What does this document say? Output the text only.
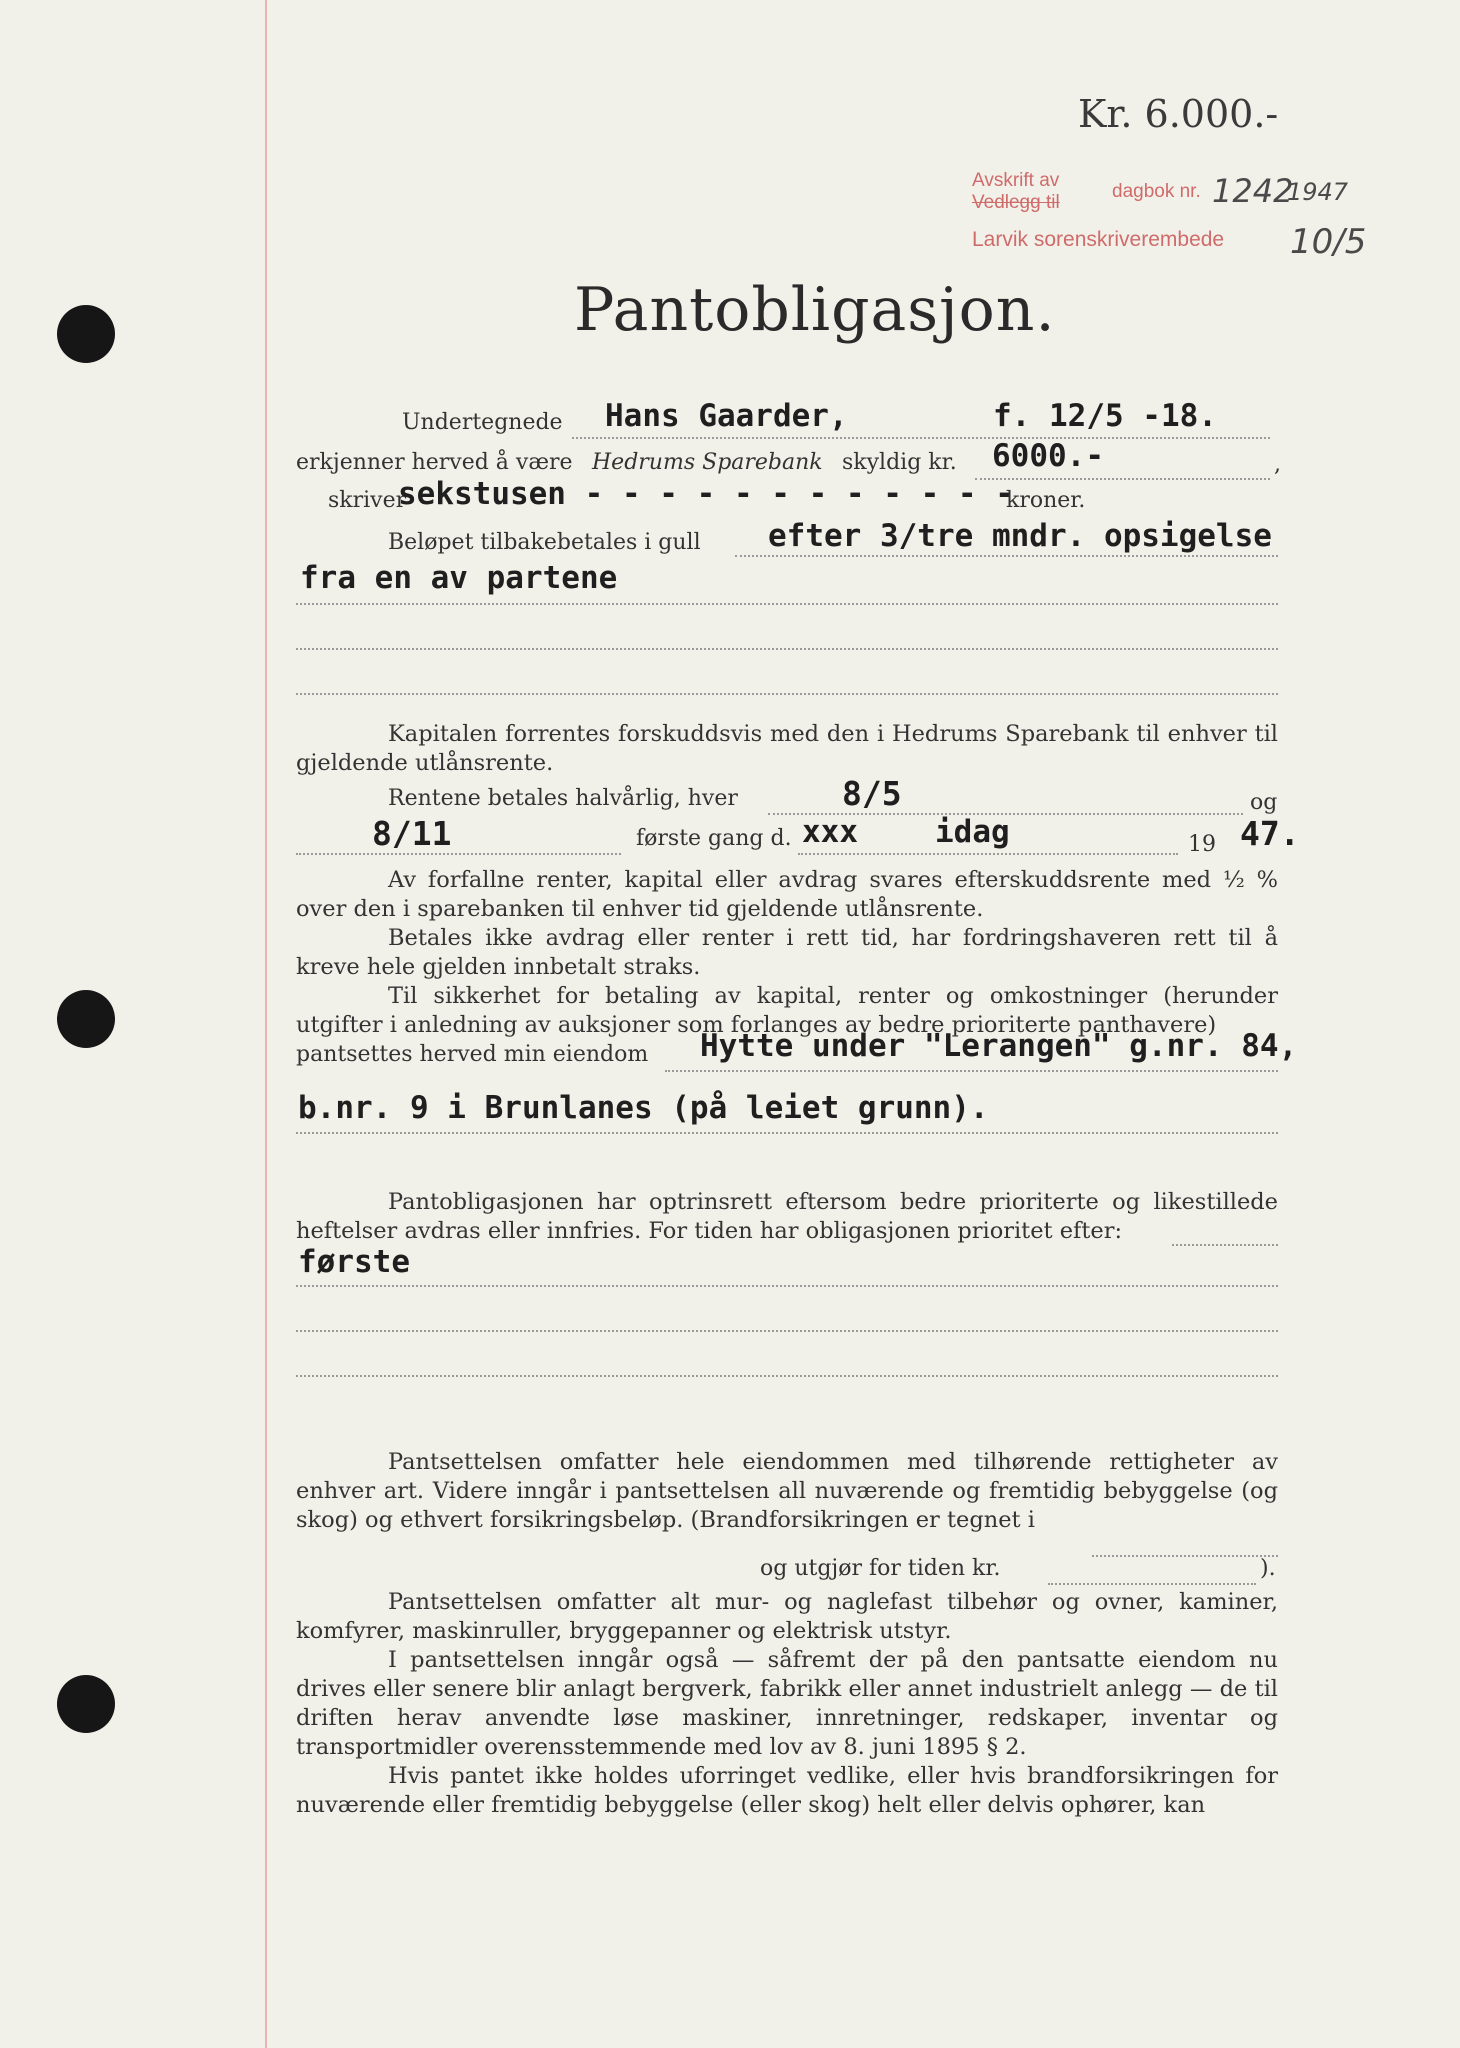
Kr. 6.000.-
Avskrift av
Vedlegg til
dagbok nr. 1242
1947
Larvik sorenskriverembede 10/5
Pantobligasjon.
Undertegnede Hans Gaarder,	f. 12/5 -18.
erkjenner herved å være Hedrums Sparebank skyldig kr. 6000.-	,
skriver
sekstusen - - - - - - - - - - - -
kroner.
Beløpet tilbakebetales i gull efter 3/tre mndr. opsigelse
fra en av partene

Kapitalen forrentes forskuddsvis med den i Hedrums Sparebank til enhver til gjeldende utlånsrente.

Rentene betales halvårlig, hver	8/5	og
8/11	første gang d. xxx idag	19 47.

Av forfallne renter, kapital eller avdrag svares efterskuddsrente med ½ % over den i sparebanken til enhver tid gjeldende utlånsrente.

Betales ikke avdrag eller renter i rett tid, har fordringshaveren rett til å kreve hele gjelden innbetalt straks.

Til sikkerhet for betaling av kapital, renter og omkostninger (herunder utgifter i anledning av auksjoner som forlanges av bedre prioriterte panthavere)

pantsettes herved min eiendom Hytte under "Lerangen" g.nr. 84,
b.nr. 9 i Brunlanes (på leiet grunn).

Pantobligasjonen har optrinsrett eftersom bedre prioriterte og likestillede heftelser avdras eller innfries. For tiden har obligasjonen prioritet efter:

første

Pantsettelsen omfatter hele eiendommen med tilhørende rettigheter av enhver art. Videre inngår i pantsettelsen all nuværende og fremtidig bebyggelse (og skog) og ethvert forsikringsbeløp. (Brandforsikringen er tegnet i

og utgjør for tiden kr.	).

Pantsettelsen omfatter alt mur- og naglefast tilbehør og ovner, kaminer, komfyrer, maskinruller, bryggepanner og elektrisk utstyr.

I pantsettelsen inngår også — såfremt der på den pantsatte eiendom nu drives eller senere blir anlagt bergverk, fabrikk eller annet industrielt anlegg — de til driften herav anvendte løse maskiner, innretninger, redskaper, inventar og transportmidler overensstemmende med lov av 8. juni 1895 § 2.

Hvis pantet ikke holdes uforringet vedlike, eller hvis brandforsikringen for nuværende eller fremtidig bebyggelse (eller skog) helt eller delvis ophører, kan
